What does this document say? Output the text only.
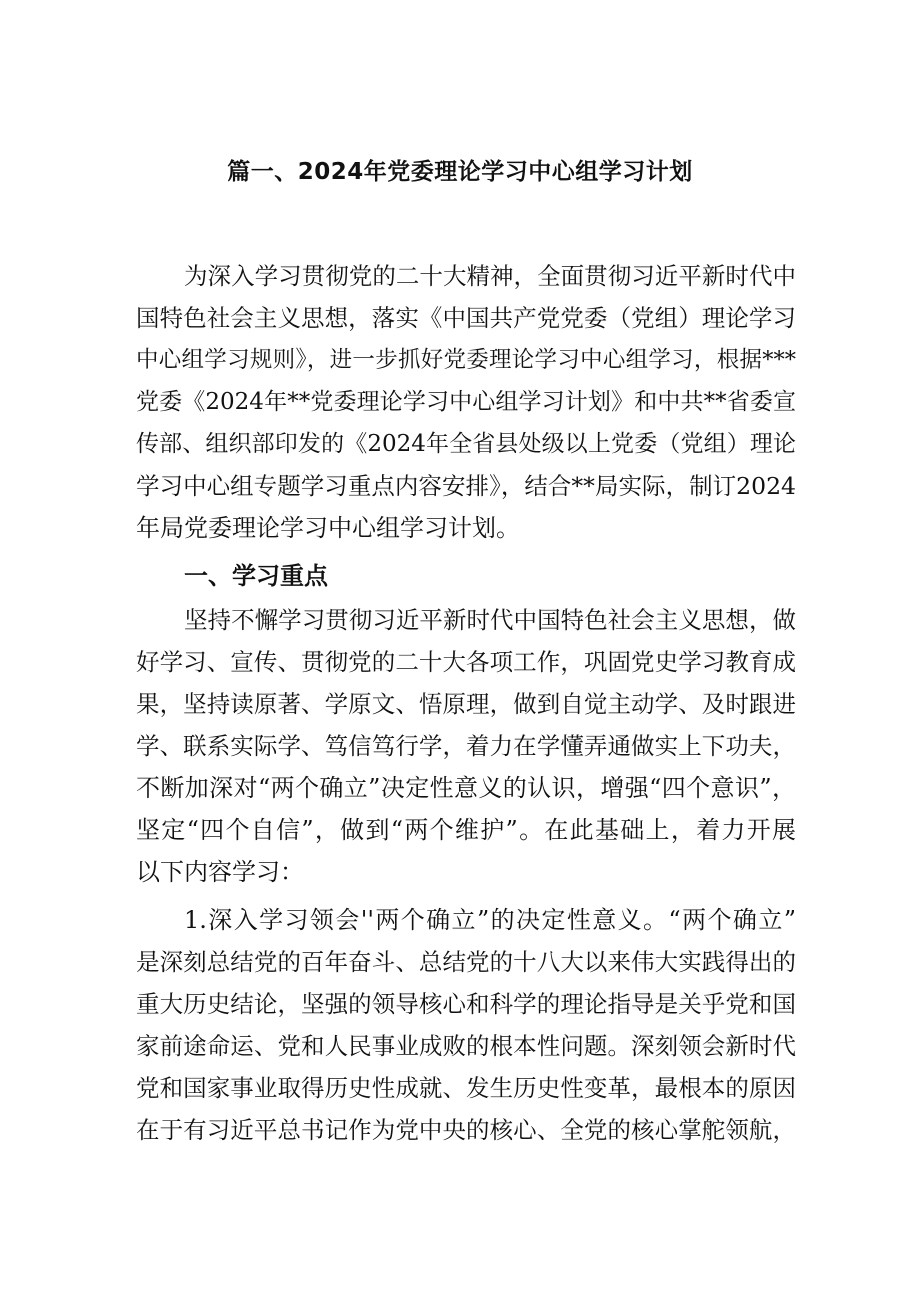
篇一、2024年党委理论学习中心组学习计划
为深入学习贯彻党的二十大精神，全面贯彻习近平新时代中
国特色社会主义思想，落实《中国共产党党委（党组）理论学习
中心组学习规则》，进一步抓好党委理论学习中心组学习，根据***
党委《2024年**党委理论学习中心组学习计划》和中共**省委宣
传部、组织部印发的《2024年全省县处级以上党委（党组）理论
学习中心组专题学习重点内容安排》，结合**局实际，制订2024
年局党委理论学习中心组学习计划。
一、学习重点
坚持不懈学习贯彻习近平新时代中国特色社会主义思想，做
好学习、宣传、贯彻党的二十大各项工作，巩固党史学习教育成
果，坚持读原著、学原文、悟原理，做到自觉主动学、及时跟进
学、联系实际学、笃信笃行学，着力在学懂弄通做实上下功夫，
不断加深对“两个确立”决定性意义的认识，增强“四个意识”，
坚定“四个自信”，做到“两个维护”。在此基础上，着力开展
以下内容学习：
1.深入学习领会''两个确立”的决定性意义。“两个确立”
是深刻总结党的百年奋斗、总结党的十八大以来伟大实践得出的
重大历史结论，坚强的领导核心和科学的理论指导是关乎党和国
家前途命运、党和人民事业成败的根本性问题。深刻领会新时代
党和国家事业取得历史性成就、发生历史性变革，最根本的原因
在于有习近平总书记作为党中央的核心、全党的核心掌舵领航，
